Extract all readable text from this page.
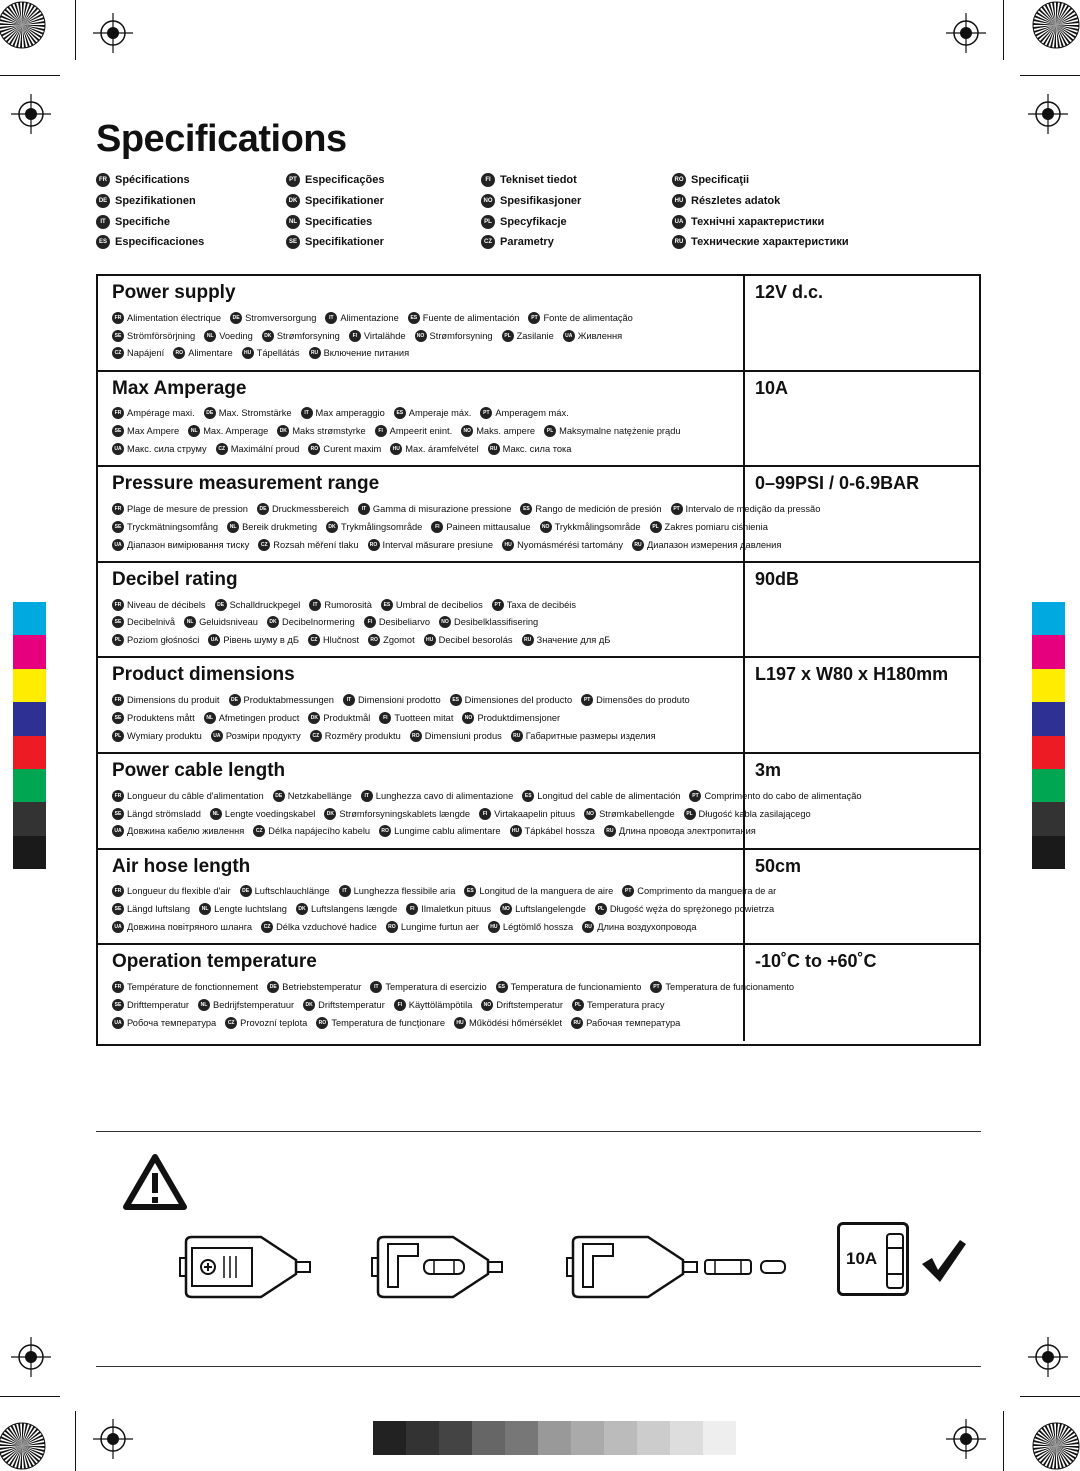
Specifications
FR Spécifications
DE Spezifikationen
IT Specifiche
ES Especificaciones
PT Especificações
DK Specifikationer
NL Specificaties
SE Specifikationer
FI Tekniset tiedot
NO Spesifikasjoner
PL Specyfikacje
CZ Parametry
RO Specificaţii
HU Részletes adatok
UA Технічні характеристики
RU Технические характеристики
Power supply
FR Alimentation électrique	DE Stromversorgung	IT Alimentazione	ES Fuente de alimentación	PT Fonte de alimentação
SE Strömförsörjning	NL Voeding	DK Strømforsyning	FI Virtalähde	NO Strømforsyning	PL Zasilanie	UA Живлення
CZ Napájení	RO Alimentare	HU Tápellátás	RU Включение питания
12V d.c.
Max Amperage
FR Ampérage maxi.	DE Max. Stromstärke	IT Max amperaggio	ES Amperaje máx.	PT Amperagem máx.
SE Max Ampere	NL Max. Amperage	DK Maks strømstyrke	FI Ampeerit enint.	NO Maks. ampere	PL Maksymalne natężenie prądu
UA Макс. сила струму	CZ Maximální proud	RO Curent maxim	HU Max. áramfelvétel	RU Макс. сила тока
10A
Pressure measurement range
FR Plage de mesure de pression	DE Druckmessbereich	IT Gamma di misurazione pressione	ES Rango de medición de presión	PT Intervalo de medição da pressão
SE Tryckmätningsomfång	NL Bereik drukmeting	DK Trykmålingsområde	FI Paineen mittausalue	NO Trykkmålingsområde	PL Zakres pomiaru ciśnienia
UA Діапазон вимірювання тиску	CZ Rozsah měření tlaku	RO Interval măsurare presiune	HU Nyomásmérési tartomány	RU Диапазон измерения давления
0–99PSI / 0-6.9BAR
Decibel rating
FR Niveau de décibels	DE Schalldruckpegel	IT Rumorosità	ES Umbral de decibelios	PT Taxa de decibéis
SE Decibelnivå	NL Geluidsniveau	DK Decibelnormering	FI Desibeliarvo	NO Desibelklassifisering
PL Poziom głośności	UA Рівень шуму в дБ	CZ Hlučnost	RO Zgomot	HU Decibel besorolás	RU Значение для дБ
90dB
Product dimensions
FR Dimensions du produit	DE Produktabmessungen	IT Dimensioni prodotto	ES Dimensiones del producto	PT Dimensões do produto
SE Produktens mått	NL Afmetingen product	DK Produktmål	FI Tuotteen mitat	NO Produktdimensjoner
PL Wymiary produktu	UA Розміри продукту	CZ Rozměry produktu	RO Dimensiuni produs	RU Габаритные размеры изделия
L197 x W80 x H180mm
Power cable length
FR Longueur du câble d'alimentation	DE Netzkabellänge	IT Lunghezza cavo di alimentazione	ES Longitud del cable de alimentación	PT Comprimento do cabo de alimentação
SE Längd strömsladd	NL Lengte voedingskabel	DK Strømforsyningskablets længde	FI Virtakaapelin pituus	NO Strømkabellengde	PL Długość kabla zasilającego
UA Довжина кабелю живлення	CZ Délka napájecího kabelu	RO Lungime cablu alimentare	HU Tápkábel hossza	RU Длина провода электропитания
3m
Air hose length
FR Longueur du flexible d'air	DE Luftschlauchlänge	IT Lunghezza flessibile aria	ES Longitud de la manguera de aire	PT Comprimento da mangueira de ar
SE Längd luftslang	NL Lengte luchtslang	DK Luftslangens længde	FI Ilmaletkun pituus	NO Luftslangelengde	PL Długość węża do sprężonego powietrza
UA Довжина повітряного шланга	CZ Délka vzduchové hadice	RO Lungime furtun aer	HU Légtömlő hossza	RU Длина воздухопровода
50cm
Operation temperature
FR Température de fonctionnement	DE Betriebstemperatur	IT Temperatura di esercizio	ES Temperatura de funcionamiento	PT Temperatura de funcionamento
SE Drifttemperatur	NL Bedrijfstemperatuur	DK Driftstemperatur	FI Käyttölämpötila	NO Driftstemperatur	PL Temperatura pracy
UA Робоча температура	CZ Provozní teplota	RO Temperatura de funcţionare	HU Működési hőmérséklet	RU Рабочая температура
-10˚C to +60˚C
10A
